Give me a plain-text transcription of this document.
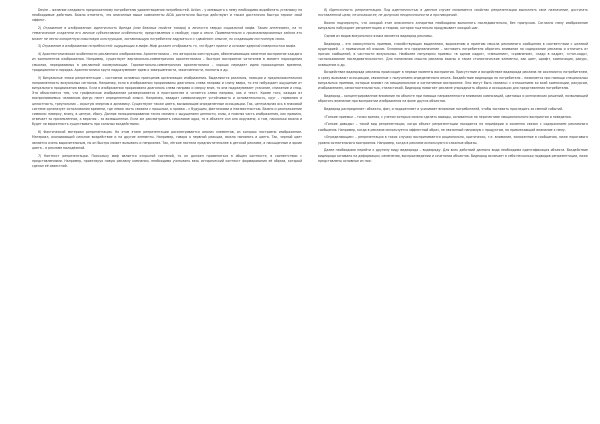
Desire – желание следовать предложенному потребителю удовлетворения потребностей. Action – у имеющего к нему необходимо выработать установку на необходимые действия. Важно отметить, что описанные выше компоненты AIDA достаточно быстро действуют и также достаточно быстро теряют свой эффект.

2) Отражение в изображении: идентичность бренда (или базовых свойств товара) и личности твердо социальной мифа. Таким интенсивно, на то тематические создатели его личные субъективные особенности, представления о свободе, гиде и сексе. Применительно к проанализированных кейсов это может не нести конкретную смысловую конструкцию, заставляющую потребителя задуматься о «двойном» смысле, но создающим постоянную связь.

3) Отражение в изображении потребностей: ощущающих в мифе. Миф должен отображать то, что будет принят и основан ядерной поверхностью мифа.

4) Архитектонические особенности рекламного изображения. Архитектоника – это авторская конструкция, обеспечивающая заметное восприятие каждого из компонентов изображения. Например, существует вертикально-симметричная архитектоника – быстрое восприятие читателем в момент порождения смыслов, передаваемых в рекламной коммуникации. Горизонтально-симметричная архитектоника – хорошо передает идею прохождения времени, традиционного порядка. Архитектоника круга подразумевает идею о завершенности, законченности, полноты и др.

5) Визуальные знаки репрезентации – состояние основных принципов организации изображения. Выделяются различия, позиция и предположительная направленность визуальных сигналов. Например, если в изображении прорисованы диагональ слева направо и снизу вверх, то это побуждает ощущение от визуального продвижения вверх. Если в изображении прорисована диагональ слева направо и сверху вниз, то она подразумевает угасание, снижение и спад. Это объясняется тем, что графическое изображение развертывается в пространстве и читается слева направо, как и текст. Кроме того, каждая из воспринимаемых человеком фигур несет определенный смысл. Например, квадрат символизирует устойчивость и основательность, круг – гармонию и целостность, треугольник – скрытую энергию и динамику. Существуют также цвета, вызывающие определенные ассоциации. Так, центральная ось в знаковой системе организует истолкования времени, где левая часть связана с прошлым, а правая – с будущим, фантазиями и неизвестностью. Важно и расположение символа: наверху, внизу, в центре, сбоку. Данное позиционирование тесно связано с ощущением ценности, силы, а нижняя часть изображения, как правило, отвечает за приземленное, а верхняя – за возвышенное. Если же рассматривать смысловое ядро, то в объекте сил оно окружено, о том, насколько важна и будет ли вероятность существовать при сильных воздействиях.

6) Фактический материал репрезентации. На этом этапе репрезентации рассматривается анализ элементов, из которых построено изображение. Материал, оказывающий сильное воздействие и на другие элементы. Например, говоря о нервной реакции, важно понимать и цвета. Так, черный цвет является очень выразительным, но он быстро может вызывать и неприятие. Так, лёгкие пастели предпочтительнее в детской рекламе, а насыщенные и яркие цвета – в рекламе молодёжной.

7) Контекст репрезентации. Поскольку миф является открытой системой, то он должен применяться в общем контексте, в соответствии с представлениями. Например, проектируя новую рекламу компании, необходимо учитывать весь исторический контекст формирования её образа, который сделал её известной.

8) Идентичность репрезентации. Под идентичностью в данном случае понимается свойство репрезентации выполнять свое назначение, достигать поставленной цели, не искажая ее, не допуская неоднозначности и противоречий.

Важно подчеркнуть, что каждый этап описанного алгоритма необходимо выполнять последовательно, без пропусков. Согласно нему изображение визуально побуждает репрезентацию и теорию, которая тщательно продумывает каждый шаг.

Одним из видов визуального языка является видеоряд рекламы.

Видеоряд – это совокупность приемов, способствующих выделению, выражению и приятию смысла рекламного сообщения в соответствии с целевой аудиторией – с привычным ей языком. Основное его предназначение – заставить потребителя обратить внимание на содержание рекламы и отличить от прочих сообщений, в частности визуальных. Наиболее популярны приемы: «в одном кадре», «смешение», «сравнение», «кадр в кадре», «стоп-кадр», «использование последовательности». Для понимания смысла рекламы важны и такие стилистические элементы, как цвет, шрифт, композиция, ракурс, освещение и др.

Воздействие видеоряда рекламы происходит в первые моменты восприятия. Присутствие и воздействие видеоряда реклама не осознаются потребителем, а сразу вызывают ассоциации, связанные с получением определенного опыта. Воздействие видеоряда на потребителя – появляется при помощи специальных визуальных приемов, которые влияют на эмоциональное и когнитивное восприятие. Они могут быть связаны: с отношением ко всей композиции, ракурсом, изображением, самостоятельностью, стилистикой. Видеоряд помогает рекламе упорядочить образы и ассоциации для представления потребителю.

Видеоряд – концентрированное внимание на объекте при помощи направленности внимания композиций, цветовых и ритмических решений, позволяющей обратить внимание при восприятии изображения на фоне других объектов.

Видеоряд распределяет: объекты, фон, и подкрепляет и усиливает внимание потребителей, чтобы заставить проследить за сменой событий.

«Тонкие приемы» – точки зрения, с учетом которых можно сделать выводы, основанные на перспективе эмоционального восприятия и поведения.

«Тонкие доводы» – такой вид репрезентации, когда объект репрезентации находится на периферии и косвенно связан с содержанием рекламного сообщения. Например, когда в рекламе используется эффектный образ, не связанный напрямую с продуктом, но привлекающий внимание к нему.

«Определяющие» – репрезентация в таких случаях воспринимается рационально, критически, т.е. внимание, заложенное в сообщении, ниже порогового уровня сознательного восприятия. Например, когда в рекламе используются сложные образы.

Далее необходимо перейти к другому виду видеоряда – видеоряду. Для всех действий данного вида необходима идентификация объекта. Воздействие видеоряда основано на деформации, изменении, воспроизведении и сочетании объектов. Видеоряд включает в себя несколько подвидов репрезентации, ниже представлены основные из них:
